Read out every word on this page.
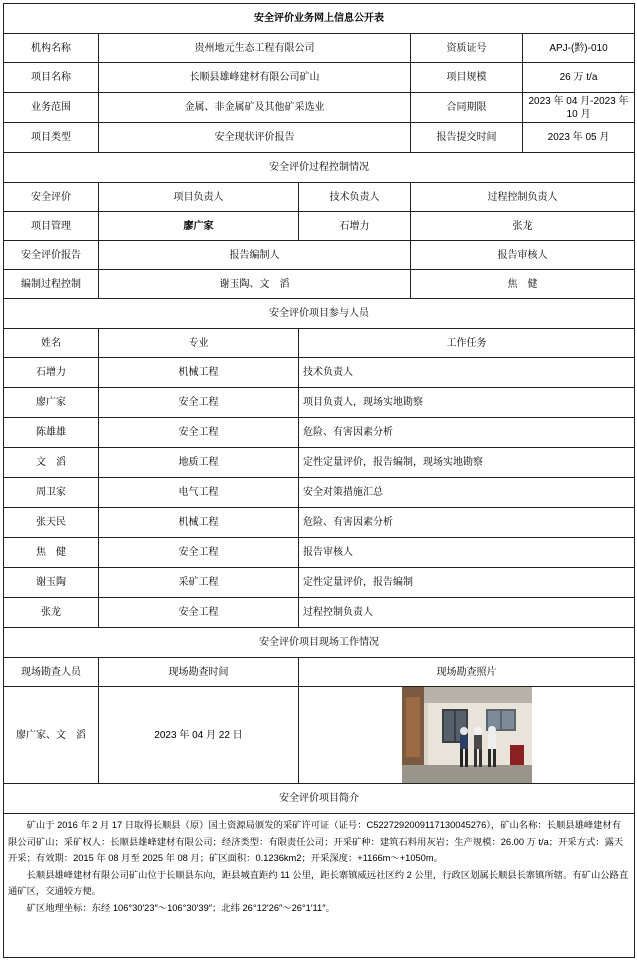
安全评价业务网上信息公开表				
机构名称	贵州地元生态工程有限公司		资质证号	APJ-(黔)-010
项目名称	长顺县雄峰建材有限公司矿山		项目规模	26 万 t/a
业务范围	金属、非金属矿及其他矿采选业		合同期限	2023 年 04 月-2023 年 10 月
项目类型	安全现状评价报告		报告提交时间	2023 年 05 月
安全评价过程控制情况				
安全评价	项目负责人	技术负责人	过程控制负责人	
项目管理	廖广家	石增力	张龙	
安全评价报告	报告编制人		报告审核人	
编制过程控制	谢玉陶、文　滔		焦　健	
安全评价项目参与人员				
姓名	专业	工作任务		
石增力	机械工程	技术负责人		
廖广家	安全工程	项目负责人，现场实地勘察		
陈雄雄	安全工程	危险、有害因素分析		
文　滔	地质工程	定性定量评价，报告编制，现场实地勘察		
周卫家	电气工程	安全对策措施汇总		
张天民	机械工程	危险、有害因素分析		
焦　健	安全工程	报告审核人		
谢玉陶	采矿工程	定性定量评价，报告编制		
张龙	安全工程	过程控制负责人		
安全评价项目现场工作情况				
现场勘查人员	现场勘查时间	现场勘查照片		
廖广家、文　滔	2023 年 04 月 22 日	
安全评价项目简介				

矿山于 2016 年 2 月 17 日取得长顺县（原）国土资源局颁发的采矿许可证（证号：C5227292009117130045276），矿山名称：长顺县雄峰建材有限公司矿山；采矿权人：长顺县雄峰建材有限公司；经济类型：有限责任公司；开采矿种：建筑石料用灰岩；生产规模：26.00 万 t/a；开采方式：露天开采；有效期：2015 年 08 月至 2025 年 08 月；矿区面积：0.1236km2；开采深度：+1166m～+1050m。

长顺县雄峰建材有限公司矿山位于长顺县东向，距县城直距约 11 公里，距长寨镇威远社区约 2 公里，行政区划属长顺县长寨镇所辖。有矿山公路直通矿区，交通较方便。

矿区地理坐标：东经 106°30′23″～106°30′39″；北纬 26°12′26″～26°1′11″。				
